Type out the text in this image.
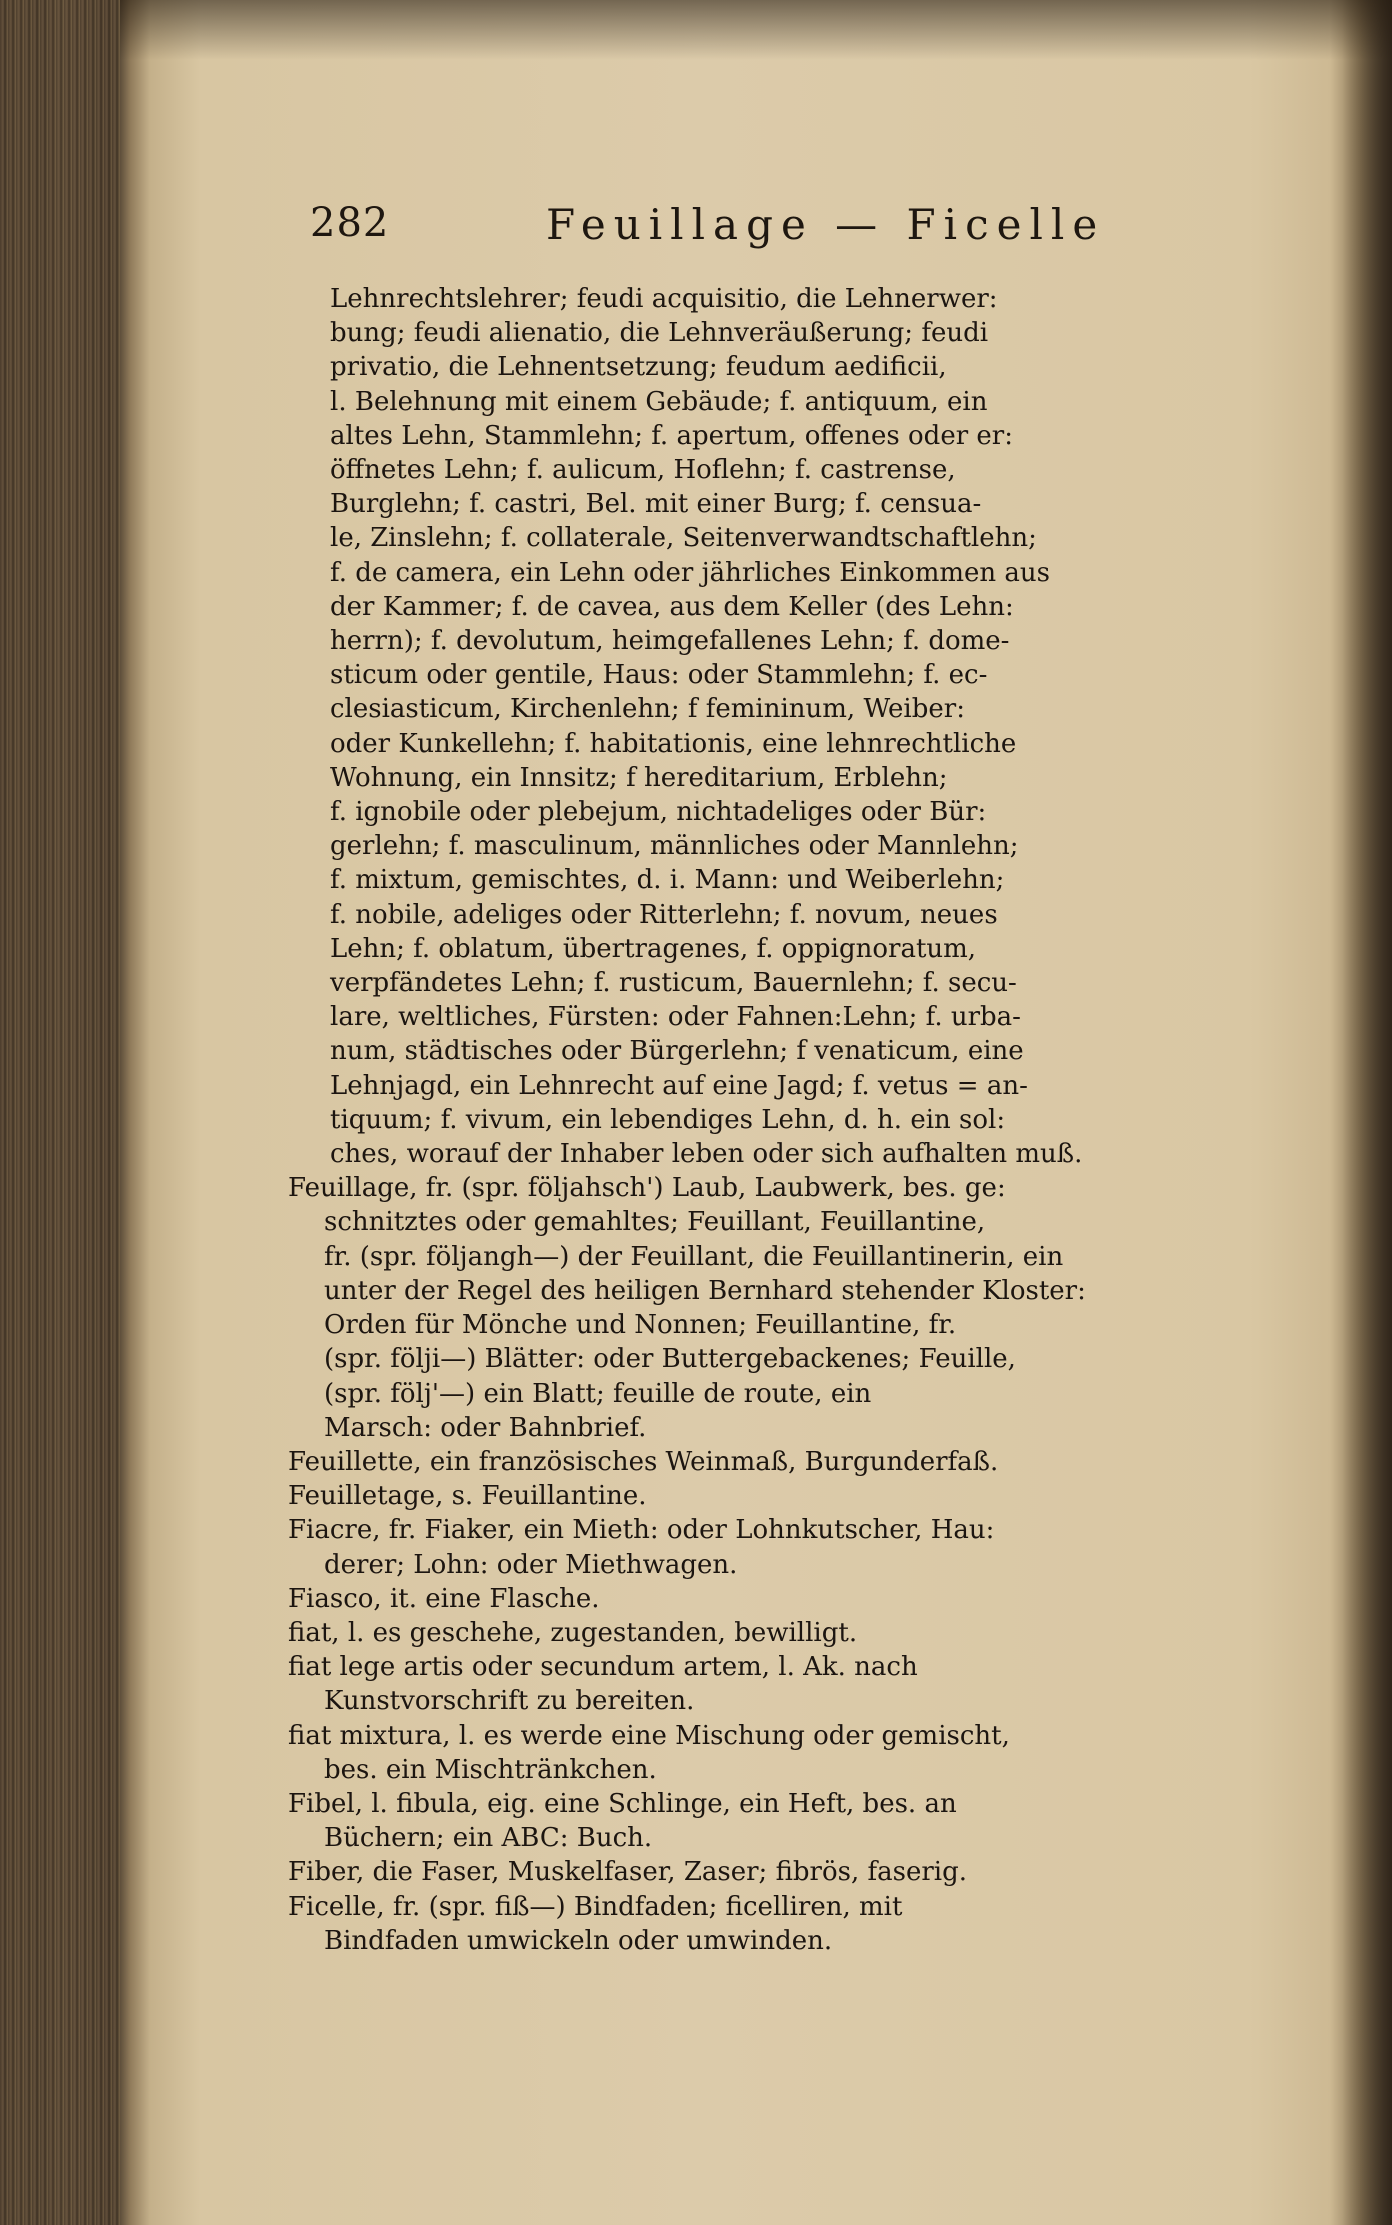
282	Feuillage — Ficelle
Lehnrechtslehrer; feudi acquisitio, die Lehnerwer:
bung; feudi alienatio, die Lehnveräußerung; feudi
privatio, die Lehnentsetzung; feudum aedificii,
l. Belehnung mit einem Gebäude; f. antiquum, ein
altes Lehn, Stammlehn; f. apertum, offenes oder er:
öffnetes Lehn; f. aulicum, Hoflehn; f. castrense,
Burglehn; f. castri, Bel. mit einer Burg; f. censua-
le, Zinslehn; f. collaterale, Seitenverwandtschaftlehn;
f. de camera, ein Lehn oder jährliches Einkommen aus
der Kammer; f. de cavea, aus dem Keller (des Lehn:
herrn); f. devolutum, heimgefallenes Lehn; f. dome-
sticum oder gentile, Haus: oder Stammlehn; f. ec-
clesiasticum, Kirchenlehn; f femininum, Weiber:
oder Kunkellehn; f. habitationis, eine lehnrechtliche
Wohnung, ein Innsitz; f hereditarium, Erblehn;
f. ignobile oder plebejum, nichtadeliges oder Bür:
gerlehn; f. masculinum, männliches oder Mannlehn;
f. mixtum, gemischtes, d. i. Mann: und Weiberlehn;
f. nobile, adeliges oder Ritterlehn; f. novum, neues
Lehn; f. oblatum, übertragenes, f. oppignoratum,
verpfändetes Lehn; f. rusticum, Bauernlehn; f. secu-
lare, weltliches, Fürsten: oder Fahnen:Lehn; f. urba-
num, städtisches oder Bürgerlehn; f venaticum, eine
Lehnjagd, ein Lehnrecht auf eine Jagd; f. vetus = an-
tiquum; f. vivum, ein lebendiges Lehn, d. h. ein sol:
ches, worauf der Inhaber leben oder sich aufhalten muß.
Feuillage, fr. (spr. följahsch') Laub, Laubwerk, bes. ge:
schnitztes oder gemahltes; Feuillant, Feuillantine,
fr. (spr. följangh—) der Feuillant, die Feuillantinerin, ein
unter der Regel des heiligen Bernhard stehender Kloster:
Orden für Mönche und Nonnen; Feuillantine, fr.
(spr. följi—) Blätter: oder Buttergebackenes; Feuille,
(spr. följ'—) ein Blatt; feuille de route, ein
Marsch: oder Bahnbrief.
Feuillette, ein französisches Weinmaß, Burgunderfaß.
Feuilletage, s. Feuillantine.
Fiacre, fr. Fiaker, ein Mieth: oder Lohnkutscher, Hau:
derer; Lohn: oder Miethwagen.
Fiasco, it. eine Flasche.
fiat, l. es geschehe, zugestanden, bewilligt.
fiat lege artis oder secundum artem, l. Ak. nach
Kunstvorschrift zu bereiten.
fiat mixtura, l. es werde eine Mischung oder gemischt,
bes. ein Mischtränkchen.
Fibel, l. fibula, eig. eine Schlinge, ein Heft, bes. an
Büchern; ein ABC: Buch.
Fiber, die Faser, Muskelfaser, Zaser; fibrös, faserig.
Ficelle, fr. (spr. fiß—) Bindfaden; ficelliren, mit
Bindfaden umwickeln oder umwinden.
